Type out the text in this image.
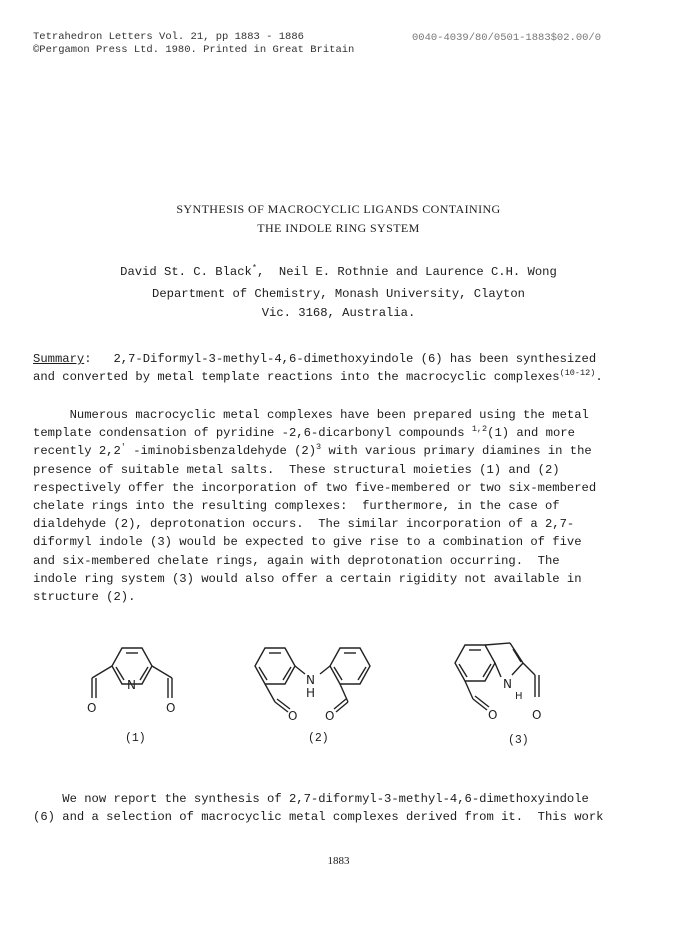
Tetrahedron Letters Vol. 21, pp 1883 - 1886
©Pergamon Press Ltd. 1980. Printed in Great Britain
0040-4039/80/0501-1883$02.00/0
SYNTHESIS OF MACROCYCLIC LIGANDS CONTAINING
THE INDOLE RING SYSTEM
David St. C. Black*,  Neil E. Rothnie and Laurence C.H. Wong
Department of Chemistry, Monash University, Clayton
Vic. 3168, Australia.
Summary:   2,7-Diformyl-3-methyl-4,6-dimethoxyindole (6) has been synthesized
and converted by metal template reactions into the macrocyclic complexes$^{(10-12)}$.
Numerous macrocyclic metal complexes have been prepared using the metal
template condensation of pyridine -2,6-dicarbonyl compounds $^{1,2}$(1) and more
recently 2,2′ -iminobisbenzaldehyde $(2)^3$ with various primary diamines in the
presence of suitable metal salts.  These structural moieties (1) and (2)
respectively offer the incorporation of two five-membered or two six-membered
chelate rings into the resulting complexes:  furthermore, in the case of
dialdehyde (2), deprotonation occurs.  The similar incorporation of a 2,7-
diformyl indole (3) would be expected to give rise to a combination of five
and six-membered chelate rings, again with deprotonation occurring.  The
indole ring system (3) would also offer a certain rigidity not available in
structure (2).
N
O	O
(1)
N
H
O O
(2)
N
H
O	O
(3)
We now report the synthesis of 2,7-diformyl-3-methyl-4,6-dimethoxyindole
(6) and a selection of macrocyclic metal complexes derived from it.  This work
1883
